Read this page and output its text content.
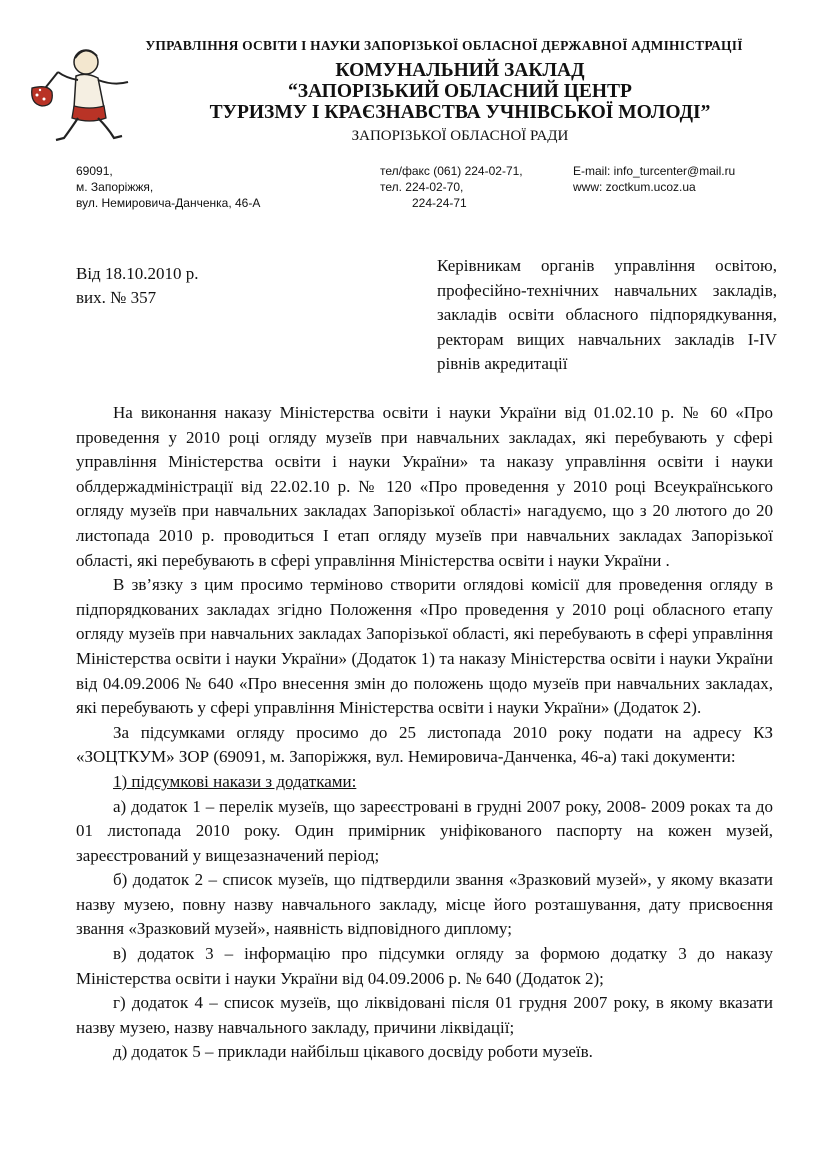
УПРАВЛІННЯ ОСВІТИ І НАУКИ ЗАПОРІЗЬКОЇ ОБЛАСНОЇ ДЕРЖАВНОЇ АДМІНІСТРАЦІЇ
КОМУНАЛЬНИЙ ЗАКЛАД
“ЗАПОРІЗЬКИЙ ОБЛАСНИЙ ЦЕНТР
ТУРИЗМУ І КРАЄЗНАВСТВА УЧНІВСЬКОЇ МОЛОДІ”
ЗАПОРІЗЬКОЇ ОБЛАСНОЇ РАДИ
69091,
м. Запоріжжя,
вул. Немировича-Данченка, 46-А
тел/факс (061) 224-02-71,
тел. 224-02-70,
224-24-71
E-mail: info_turcenter@mail.ru
www: zoctkum.ucoz.ua
Від 18.10.2010 р.
вих. № 357
Керівникам органів управління освітою, професійно-технічних навчальних закладів, закладів освіти обласного підпорядкування, ректорам вищих навчальних закладів І-IV рівнів акредитації

На виконання наказу Міністерства освіти і науки України від 01.02.10 р. № 60 «Про проведення у 2010 році огляду музеїв при навчальних закладах, які перебувають у сфері управління Міністерства освіти і науки України» та наказу управління освіти і науки облдержадміністрації від 22.02.10 р. № 120 «Про проведення у 2010 році Всеукраїнського огляду музеїв при навчальних закладах Запорізької області» нагадуємо, що з 20 лютого до 20 листопада 2010 р. проводиться І етап огляду музеїв при навчальних закладах Запорізької області, які перебувають в сфері управління Міністерства освіти і науки України .

В зв’язку з цим просимо терміново створити оглядові комісії для проведення огляду в підпорядкованих закладах згідно Положення «Про проведення у 2010 році обласного етапу огляду музеїв при навчальних закладах Запорізької області, які перебувають в сфері управління Міністерства освіти і науки України» (Додаток 1) та наказу Міністерства освіти і науки України від 04.09.2006 № 640 «Про внесення змін до положень щодо музеїв при навчальних закладах, які перебувають у сфері управління Міністерства освіти і науки України» (Додаток 2).

За підсумками огляду просимо до 25 листопада 2010 року подати на адресу КЗ «ЗОЦТКУМ» ЗОР (69091, м. Запоріжжя, вул. Немировича-Данченка, 46-а) такі документи:

1) підсумкові накази з додатками:

а) додаток 1 – перелік музеїв, що зареєстровані в грудні 2007 року, 2008- 2009 роках та до 01 листопада 2010 року. Один примірник уніфікованого паспорту на кожен музей, зареєстрований у вищезазначений період;

б) додаток 2 – список музеїв, що підтвердили звання «Зразковий музей», у якому вказати назву музею, повну назву навчального закладу, місце його розташування, дату присвоєння звання «Зразковий музей», наявність відповідного диплому;

в) додаток 3 – інформацію про підсумки огляду за формою додатку 3 до наказу Міністерства освіти і науки України від 04.09.2006 р. № 640 (Додаток 2);

г) додаток 4 – список музеїв, що ліквідовані після 01 грудня 2007 року, в якому вказати назву музею, назву навчального закладу, причини ліквідації;

д) додаток 5 – приклади найбільш цікавого досвіду роботи музеїв.
